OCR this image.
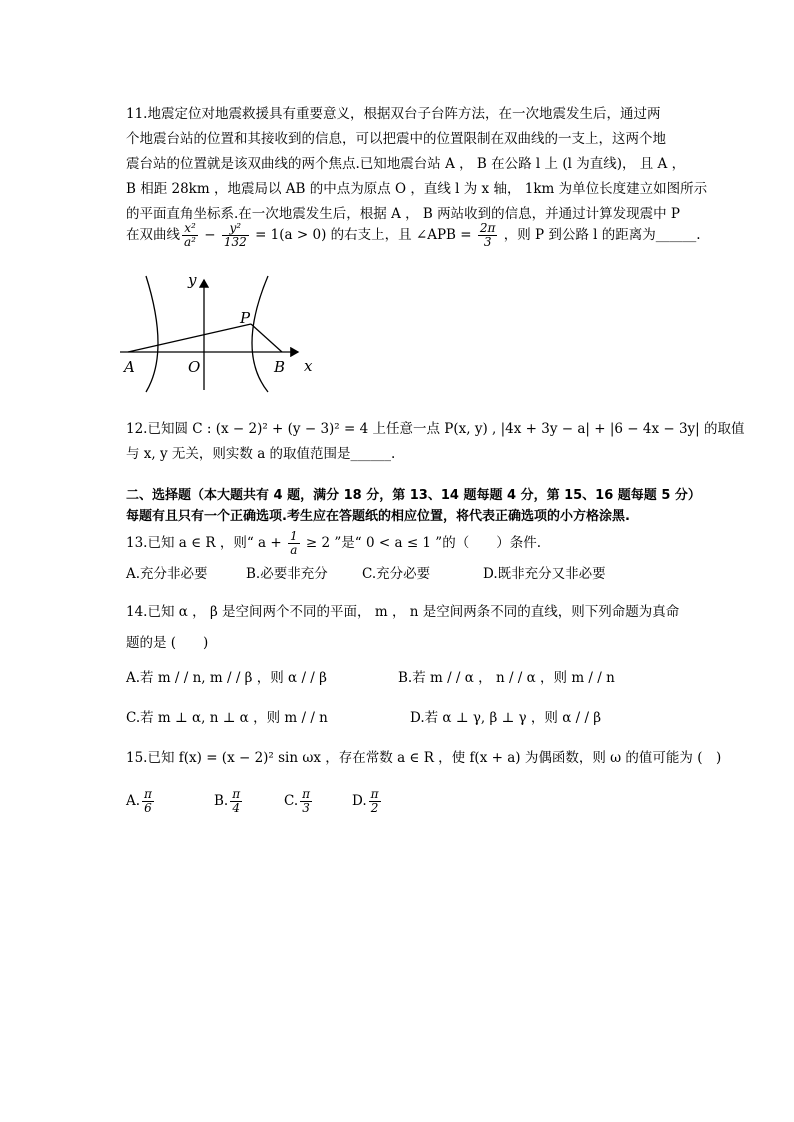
11.地震定位对地震救援具有重要意义，根据双台子台阵方法，在一次地震发生后，通过两
个地震台站的位置和其接收到的信息，可以把震中的位置限制在双曲线的一支上，这两个地
震台站的位置就是该双曲线的两个焦点.已知地震台站 A ， B 在公路 l 上 (l 为直线)， 且 A ，
B 相距 28km ，地震局以 AB 的中点为原点 O ，直线 l 为 x 轴， 1km 为单位长度建立如图所示
的平面直角坐标系.在一次地震发生后，根据 A ， B 两站收到的信息，并通过计算发现震中 P
在双曲线 $\frac{\text{x²}}{\text{a²}} - \frac{\text{y²}}{132} = 1(a > 0)$ 的右支上，且 ∠APB = $\frac{2\pi}{3}$ ，则 P 到公路 l 的距离为______.
y
x
P
A	O	B
12.已知圆 C : (x − 2)² + (y − 3)² = 4 上任意一点 P(x, y) , |4x + 3y − a| + |6 − 4x − 3y| 的取值
与 x, y 无关，则实数 a 的取值范围是______.
二、选择题（本大题共有 4 题，满分 18 分，第 13、14 题每题 4 分，第 15、16 题每题 5 分）
每题有且只有一个正确选项.考生应在答题纸的相应位置，将代表正确选项的小方格涂黑.
13.已知 a ∈ R ，则“ $a + \frac{1}{a} \ge 2$ ”是“ 0 < a ≤ 1 ”的（　　）条件.
A.充分非必要	B.必要非充分	C.充分必要	D.既非充分又非必要
14.已知 α ， β 是空间两个不同的平面， m ， n 是空间两条不同的直线，则下列命题为真命
题的是 (　　)
A.若 m / / n, m / / β ，则 α / / β	B.若 m / / α ， n / / α ，则 m / / n
C.若 m ⊥ α, n ⊥ α ，则 m / / n	D.若 α ⊥ γ, β ⊥ γ ，则 α / / β
15.已知 f(x) = (x − 2)² sin ωx ，存在常数 a ∈ R ，使 f(x + a) 为偶函数，则 ω 的值可能为 (　)
A. $\frac{\pi}{6}$	B. $\frac{\pi}{4}$	C. $\frac{\pi}{3}$	D. $\frac{\pi}{2}$
